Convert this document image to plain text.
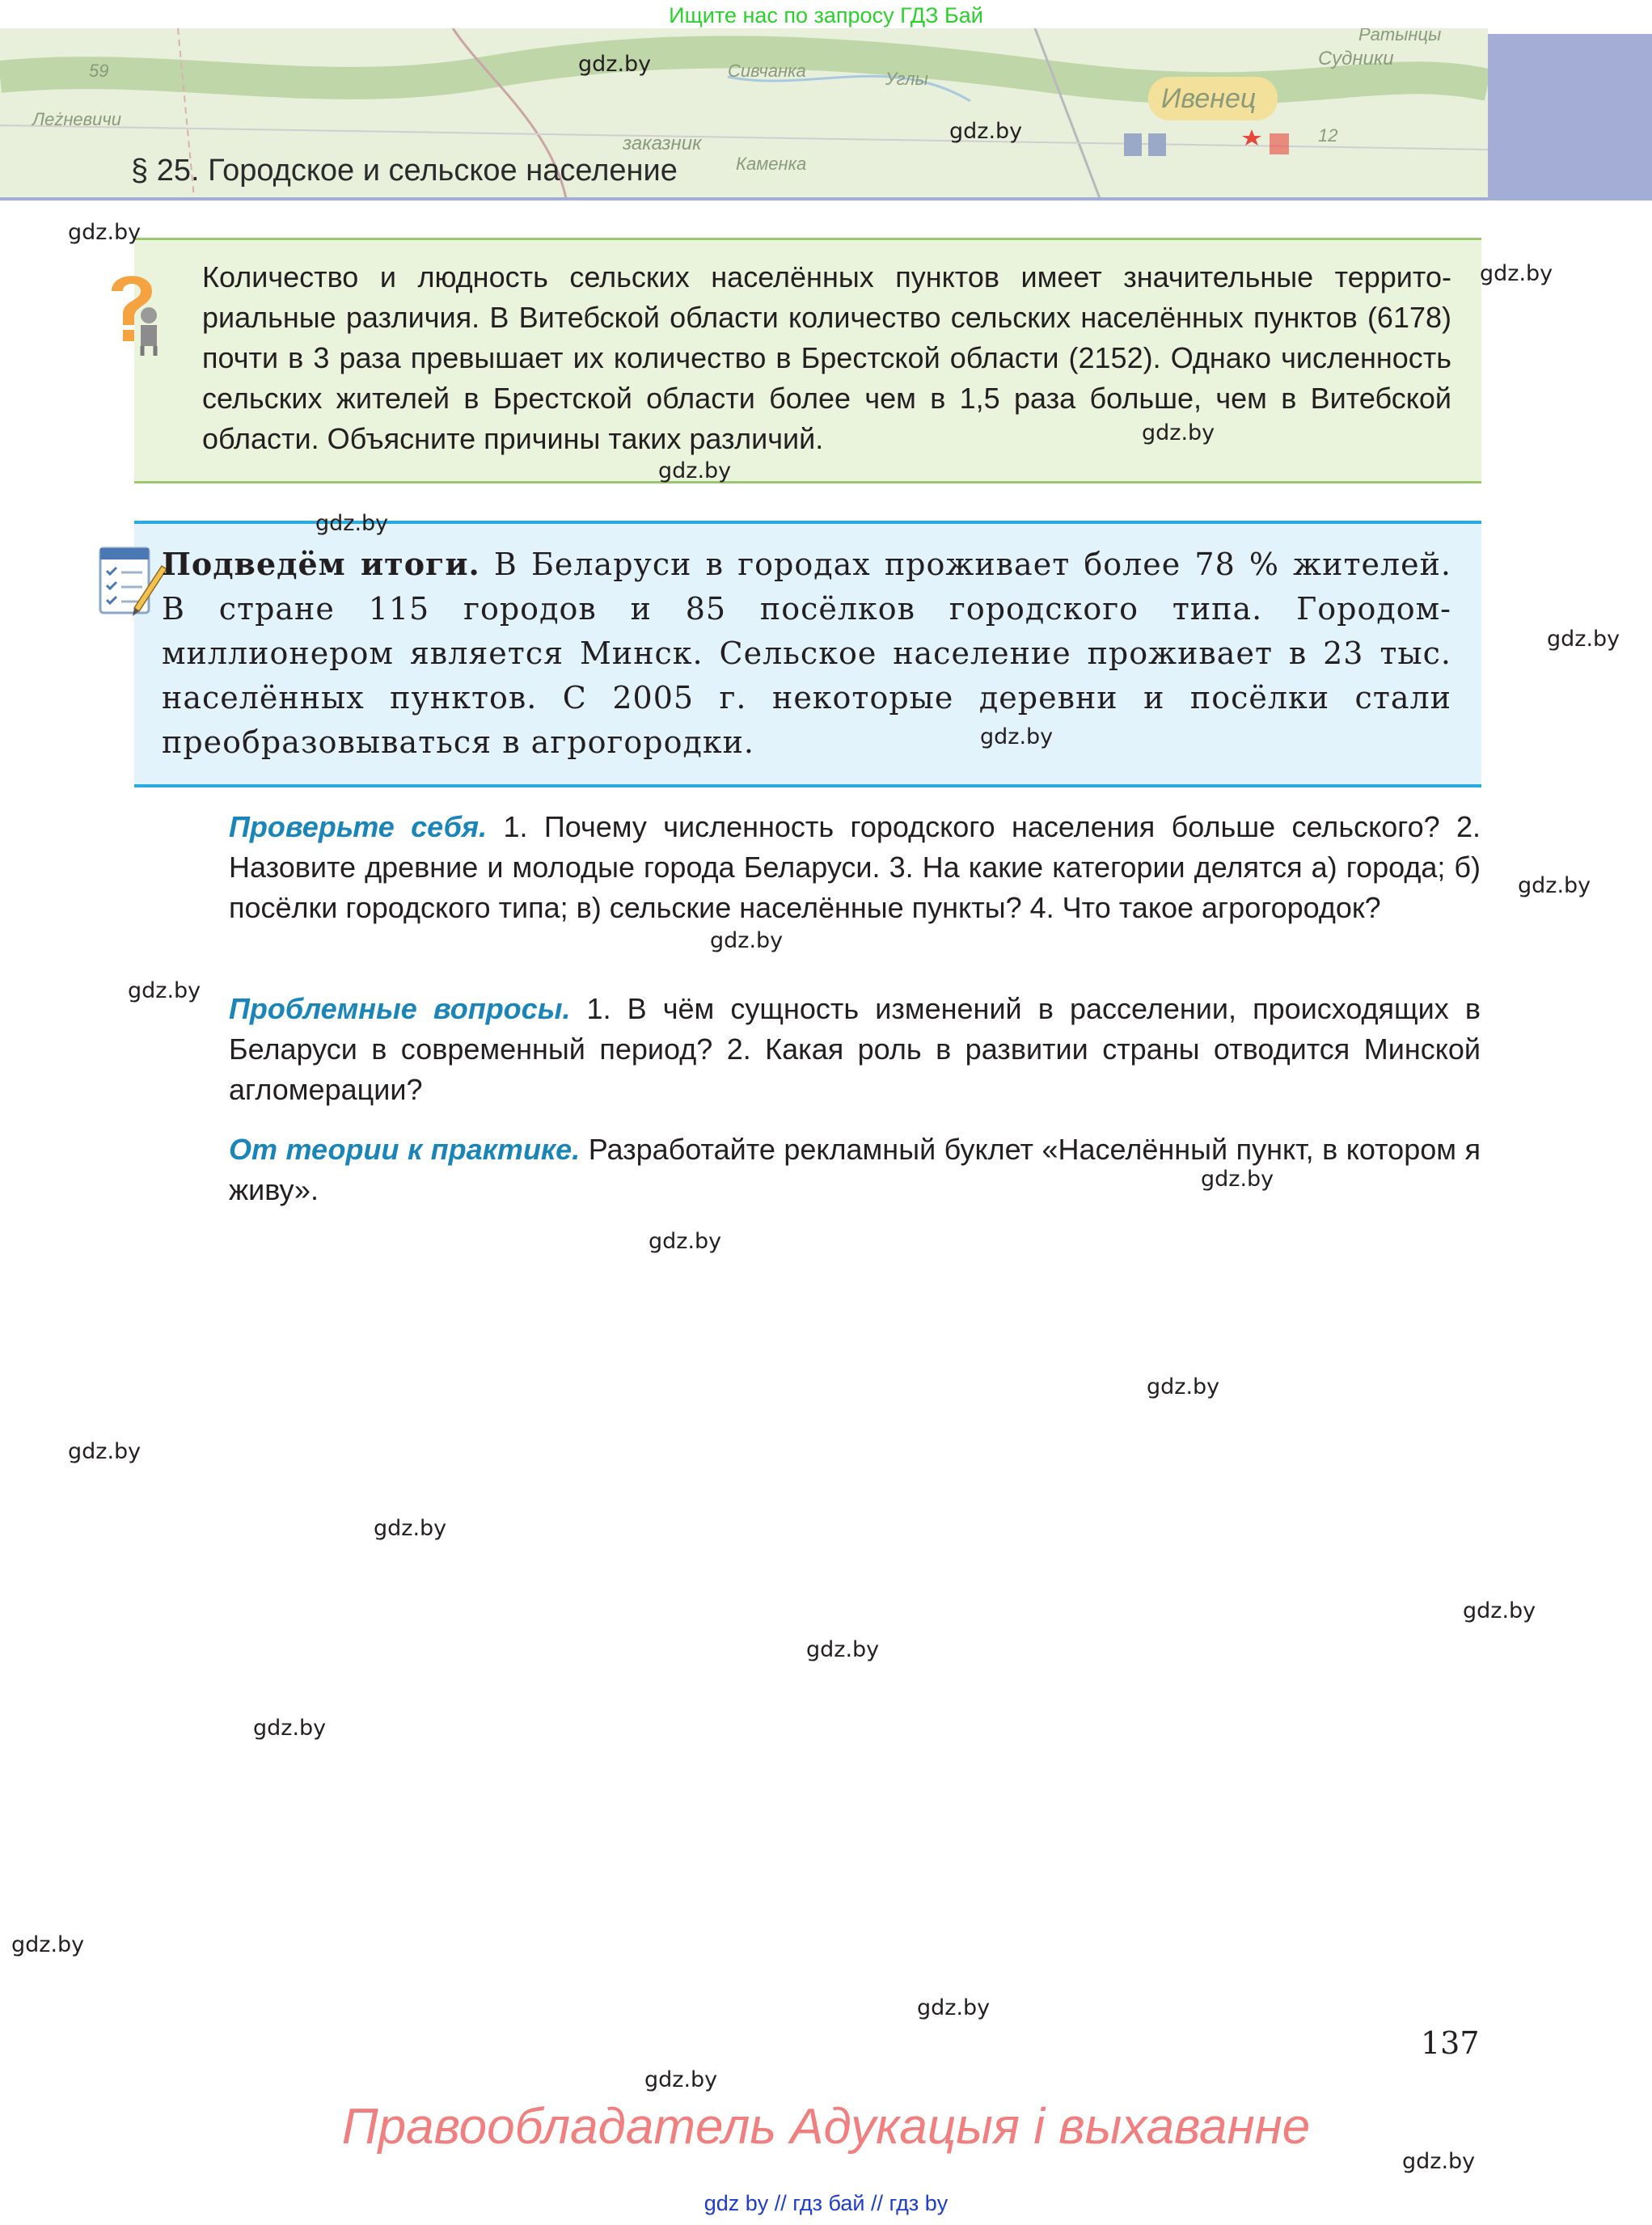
Ищите нас по запросу ГДЗ Бай
Ивенец
Судники
Леżневичи
заказник
Каменка
Углы
Сивчанка
Ратынцы
59
12
§ 25. Городское и сельское население
Количество и людность сельских населённых пунктов имеет значительные территориальные различия. В Витебской области количество сельских населённых пунктов (6178) почти в 3 раза превышает их количество в Брестской области (2152). Однако численность сельских жителей в Брестской области более чем в 1,5 раза больше, чем в Витебской области. Объясните причины таких различий.
Подведём итоги. В Беларуси в городах проживает более 78 % жителей. В стране 115 городов и 85 посёлков городского типа. Городом-миллионером является Минск. Сельское население проживает в 23 тыс. населённых пунктов. С 2005 г. некоторые деревни и посёлки стали преобразовываться в агрогородки.
Проверьте себя. 1. Почему численность городского населения больше сельского? 2. Назовите древние и молодые города Беларуси. 3. На какие категории делятся а) города; б) посёлки городского типа; в) сельские населённые пункты? 4. Что такое агрогородок?
Проблемные вопросы. 1. В чём сущность изменений в расселении, происходящих в Беларуси в современный период? 2. Какая роль в развитии страны отводится Минской агломерации?
От теории к практике. Разработайте рекламный буклет «Населённый пункт, в котором я живу».
gdz.by
gdz.by
gdz.by
gdz.by
gdz.by
gdz.by
gdz.by
gdz.by
gdz.by
gdz.by
gdz.by
gdz.by
gdz.by
gdz.by
gdz.by
gdz.by
gdz.by
gdz.by
gdz.by
gdz.by
gdz.by
gdz.by
gdz.by
gdz.by
137
Правообладатель Адукацыя і выхаванне
gdz by // гдз бай // гдз by
